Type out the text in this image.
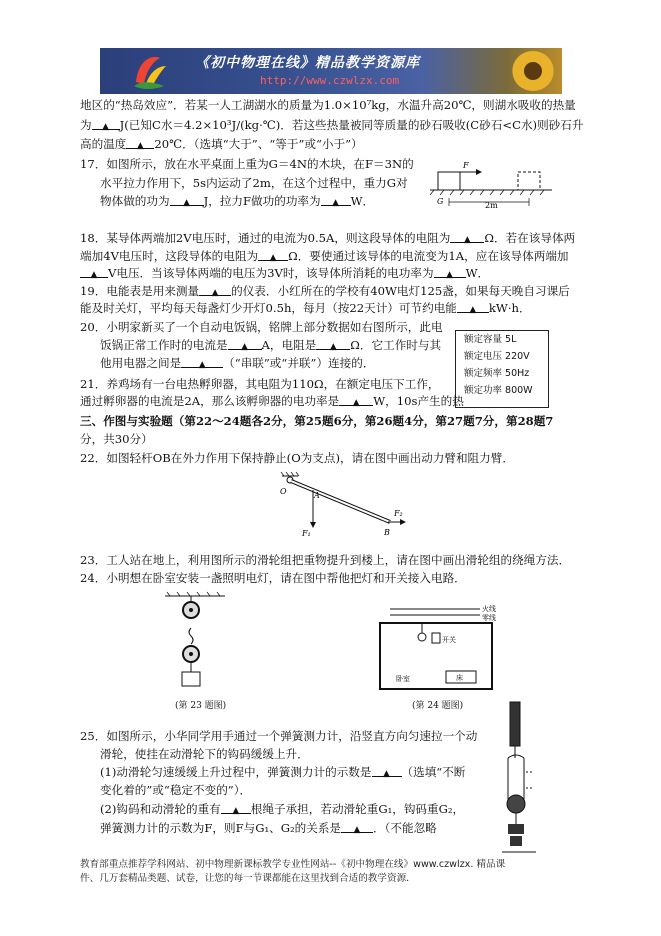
《初中物理在线》精品教学资源库
http://www.czwlzx.com
地区的“热岛效应”．若某一人工湖湖水的质量为1.0×10⁷kg，水温升高20℃，则湖水吸收的热量
为 ▲ J(已知C水＝4.2×10³J/(kg·℃)．若这些热量被同等质量的砂石吸收(C砂石<C水)则砂石升
高的温度 ▲ 20℃．（选填“大于”、“等于”或“小于”）
17．如图所示，放在水平桌面上重为G＝4N的木块，在F＝3N的
水平拉力作用下，5s内运动了2m，在这个过程中，重力G对
物体做的功为 ▲ J，拉力F做功的功率为 ▲ W．
F
G	2m
18．某导体两端加2V电压时，通过的电流为0.5A，则这段导体的电阻为 ▲ Ω．若在该导体两
端加4V电压时，这段导体的电阻为 ▲ Ω．要使通过该导体的电流变为1A，应在该导体两端加
▲ V电压．当该导体两端的电压为3V时，该导体所消耗的电功率为 ▲ W．
19．电能表是用来测量 ▲ 的仪表．小红所在的学校有40W电灯125盏，如果每天晚自习课后
能及时关灯，平均每天每盏灯少开灯0.5h，每月（按22天计）可节约电能 ▲ kW·h．
20．小明家新买了一个自动电饭锅，铭牌上部分数据如右图所示，此电
饭锅正常工作时的电流是 ▲ A，电阻是 ▲ Ω．它工作时与其
他用电器之间是 ▲ （“串联”或“并联”）连接的．
额定容量 5L
额定电压 220V
额定频率 50Hz
额定功率 800W
21．养鸡场有一台电热孵卵器，其电阻为110Ω，在额定电压下工作，
通过孵卵器的电流是2A，那么该孵卵器的电功率是 ▲ W，10s产生的热
三、作图与实验题（第22～24题各2分，第25题6分，第26题4分，第27题7分，第28题7
分，共30分）
22．如图轻杆OB在外力作用下保持静止(O为支点)，请在图中画出动力臂和阻力臂．
O	A
B
F₁
F₂
23．工人站在地上，利用图所示的滑轮组把重物提升到楼上，请在图中画出滑轮组的绕绳方法．
24．小明想在卧室安装一盏照明电灯，请在图中帮他把灯和开关接入电路．
(第 23 题图)
火线
零线
开关
卧室	床
(第 24 题图)
25．如图所示，小华同学用手通过一个弹簧测力计，沿竖直方向匀速拉一个动
滑轮，使挂在动滑轮下的钩码缓缓上升．
(1)动滑轮匀速缓缓上升过程中，弹簧测力计的示数是 ▲ （选填“不断
变化着的”或“稳定不变的”）．
(2)钩码和动滑轮的重有 ▲ 根绳子承担，若动滑轮重G₁，钩码重G₂，
弹簧测力计的示数为F，则F与G₁、G₂的关系是 ▲ ．（不能忽略
教育部重点推荐学科网站、初中物理新课标教学专业性网站--《初中物理在线》www.czwlzx. 精品课
件、几万套精品类题、试卷，让您的每一节课都能在这里找到合适的教学资源．
